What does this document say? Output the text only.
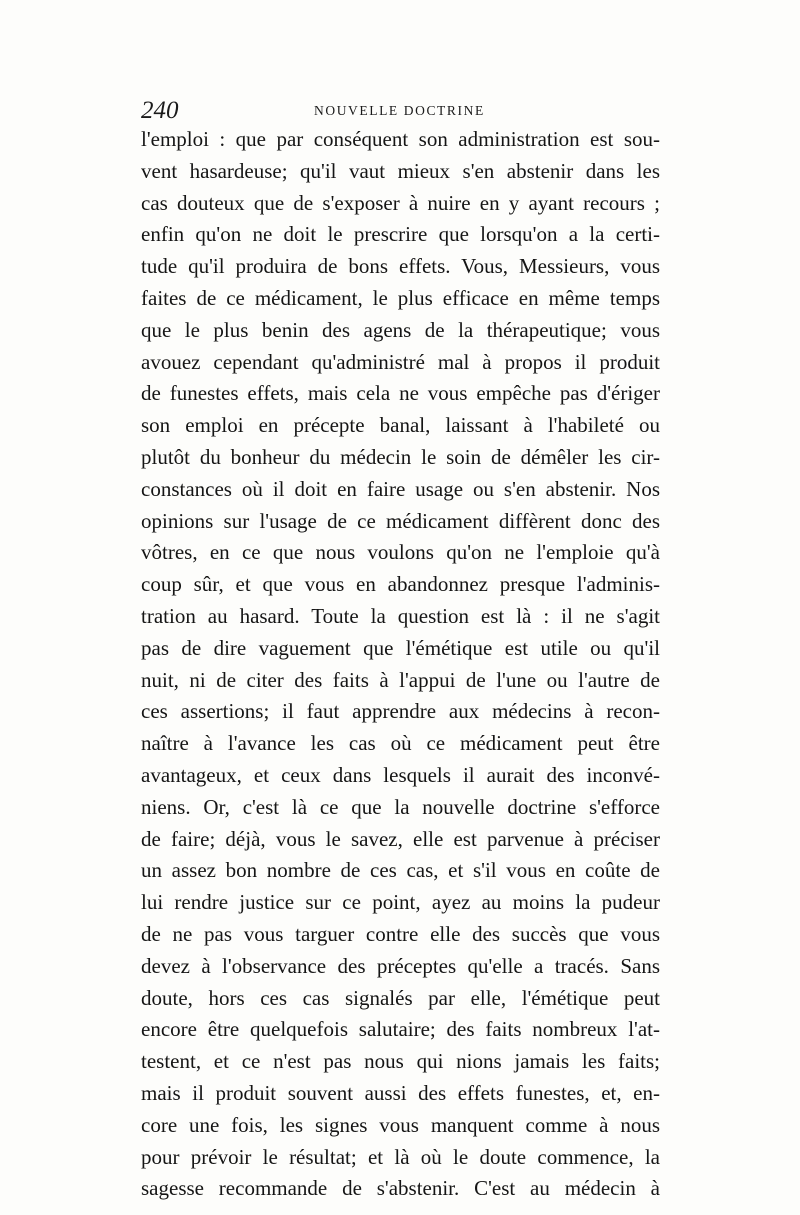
240	NOUVELLE DOCTRINE
l'emploi : que par conséquent son administration est sou-
vent hasardeuse; qu'il vaut mieux s'en abstenir dans les
cas douteux que de s'exposer à nuire en y ayant recours ;
enfin qu'on ne doit le prescrire que lorsqu'on a la certi-
tude qu'il produira de bons effets. Vous, Messieurs, vous
faites de ce médicament, le plus efficace en même temps
que le plus benin des agens de la thérapeutique; vous
avouez cependant qu'administré mal à propos il produit
de funestes effets, mais cela ne vous empêche pas d'ériger
son emploi en précepte banal, laissant à l'habileté ou
plutôt du bonheur du médecin le soin de démêler les cir-
constances où il doit en faire usage ou s'en abstenir. Nos
opinions sur l'usage de ce médicament diffèrent donc des
vôtres, en ce que nous voulons qu'on ne l'emploie qu'à
coup sûr, et que vous en abandonnez presque l'adminis-
tration au hasard. Toute la question est là : il ne s'agit
pas de dire vaguement que l'émétique est utile ou qu'il
nuit, ni de citer des faits à l'appui de l'une ou l'autre de
ces assertions; il faut apprendre aux médecins à recon-
naître à l'avance les cas où ce médicament peut être
avantageux, et ceux dans lesquels il aurait des inconvé-
niens. Or, c'est là ce que la nouvelle doctrine s'efforce
de faire; déjà, vous le savez, elle est parvenue à préciser
un assez bon nombre de ces cas, et s'il vous en coûte de
lui rendre justice sur ce point, ayez au moins la pudeur
de ne pas vous targuer contre elle des succès que vous
devez à l'observance des préceptes qu'elle a tracés. Sans
doute, hors ces cas signalés par elle, l'émétique peut
encore être quelquefois salutaire; des faits nombreux l'at-
testent, et ce n'est pas nous qui nions jamais les faits;
mais il produit souvent aussi des effets funestes, et, en-
core une fois, les signes vous manquent comme à nous
pour prévoir le résultat; et là où le doute commence, la
sagesse recommande de s'abstenir. C'est au médecin à
